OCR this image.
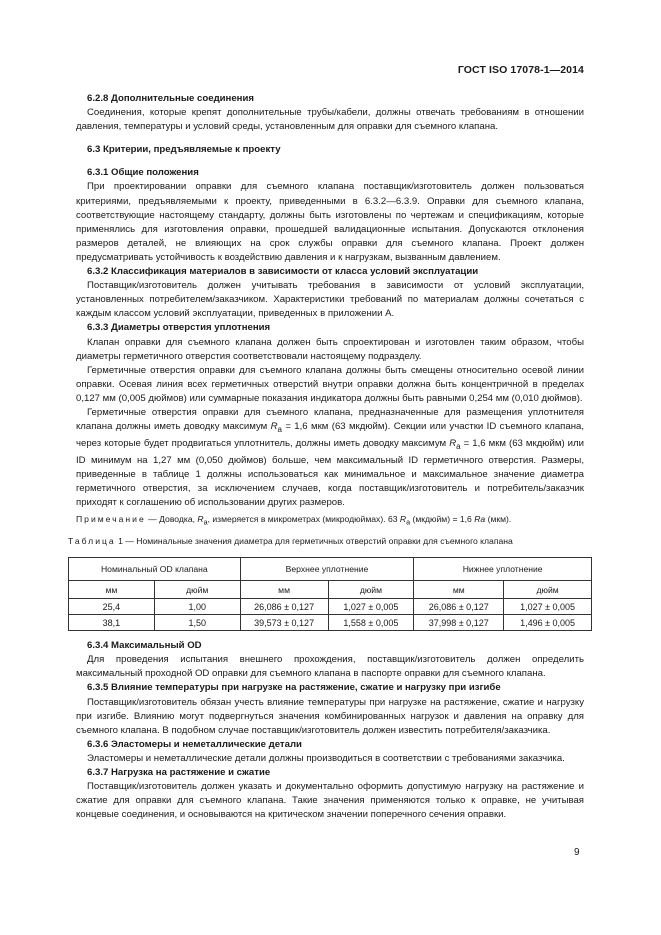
ГОСТ ISO 17078-1—2014

6.2.8 Дополнительные соединения

Соединения, которые крепят дополнительные трубы/кабели, должны отвечать требованиям в отношении давления, температуры и условий среды, установленным для оправки для съемного клапана.

6.3 Критерии, предъявляемые к проекту

6.3.1 Общие положения

При проектировании оправки для съемного клапана поставщик/изготовитель должен пользоваться критериями, предъявляемыми к проекту, приведенными в 6.3.2—6.3.9. Оправки для съемного клапана, соответствующие настоящему стандарту, должны быть изготовлены по чертежам и спецификациям, которые применялись для изготовления оправки, прошедшей валидационные испытания. Допускаются отклонения размеров деталей, не влияющих на срок службы оправки для съемного клапана. Проект должен предусматривать устойчивость к воздействию давления и к нагрузкам, вызванным давлением.

6.3.2 Классификация материалов в зависимости от класса условий эксплуатации

Поставщик/изготовитель должен учитывать требования в зависимости от условий эксплуатации, установленных потребителем/заказчиком. Характеристики требований по материалам должны сочетаться с каждым классом условий эксплуатации, приведенных в приложении А.

6.3.3 Диаметры отверстия уплотнения

Клапан оправки для съемного клапана должен быть спроектирован и изготовлен таким образом, чтобы диаметры герметичного отверстия соответствовали настоящему подразделу.

Герметичные отверстия оправки для съемного клапана должны быть смещены относительно осевой линии оправки. Осевая линия всех герметичных отверстий внутри оправки должна быть концентричной в пределах 0,127 мм (0,005 дюймов) или суммарные показания индикатора должны быть равными 0,254 мм (0,010 дюймов).

Герметичные отверстия оправки для съемного клапана, предназначенные для размещения уплотнителя клапана должны иметь доводку максимум $R_a = 1,6$ мкм (63 мкдюйм). Секции или участки ID съемного клапана, через которые будет продвигаться уплотнитель, должны иметь доводку максимум $R_a = 1,6$ мкм (63 мкдюйм) или ID минимум на 1,27 мм (0,050 дюймов) больше, чем максимальный ID герметичного отверстия. Размеры, приведенные в таблице 1 должны использоваться как минимальное и максимальное значение диаметра герметичного отверстия, за исключением случаев, когда поставщик/изготовитель и потребитель/заказчик приходят к соглашению об использовании других размеров.

Примечание — Доводка, $R_a$, измеряется в микрометрах (микродюймах). 63 $R_a$ (мкдюйм) = 1,6 Ra (мкм).

Таблица 1 — Номинальные значения диаметра для герметичных отверстий оправки для съемного клапана

Номинальный OD клапана		Верхнее уплотнение		Нижнее уплотнение	
мм	дюйм	мм	дюйм	мм	дюйм
25,4	1,00	26,086 ± 0,127	1,027 ± 0,005	26,086 ± 0,127	1,027 ± 0,005
38,1	1,50	39,573 ± 0,127	1,558 ± 0,005	37,998 ± 0,127	1,496 ± 0,005

6.3.4 Максимальный OD

Для проведения испытания внешнего прохождения, поставщик/изготовитель должен определить максимальный проходной OD оправки для съемного клапана в паспорте оправки для съемного клапана.

6.3.5 Влияние температуры при нагрузке на растяжение, сжатие и нагрузку при изгибе

Поставщик/изготовитель обязан учесть влияние температуры при нагрузке на растяжение, сжатие и нагрузку при изгибе. Влиянию могут подвергнуться значения комбинированных нагрузок и давления на оправку для съемного клапана. В подобном случае поставщик/изготовитель должен известить потребителя/заказчика.

6.3.6 Эластомеры и неметаллические детали

Эластомеры и неметаллические детали должны производиться в соответствии с требованиями заказчика.

6.3.7 Нагрузка на растяжение и сжатие

Поставщик/изготовитель должен указать и документально оформить допустимую нагрузку на растяжение и сжатие для оправки для съемного клапана. Такие значения применяются только к оправке, не учитывая концевые соединения, и основываются на критическом значении поперечного сечения оправки.

9
